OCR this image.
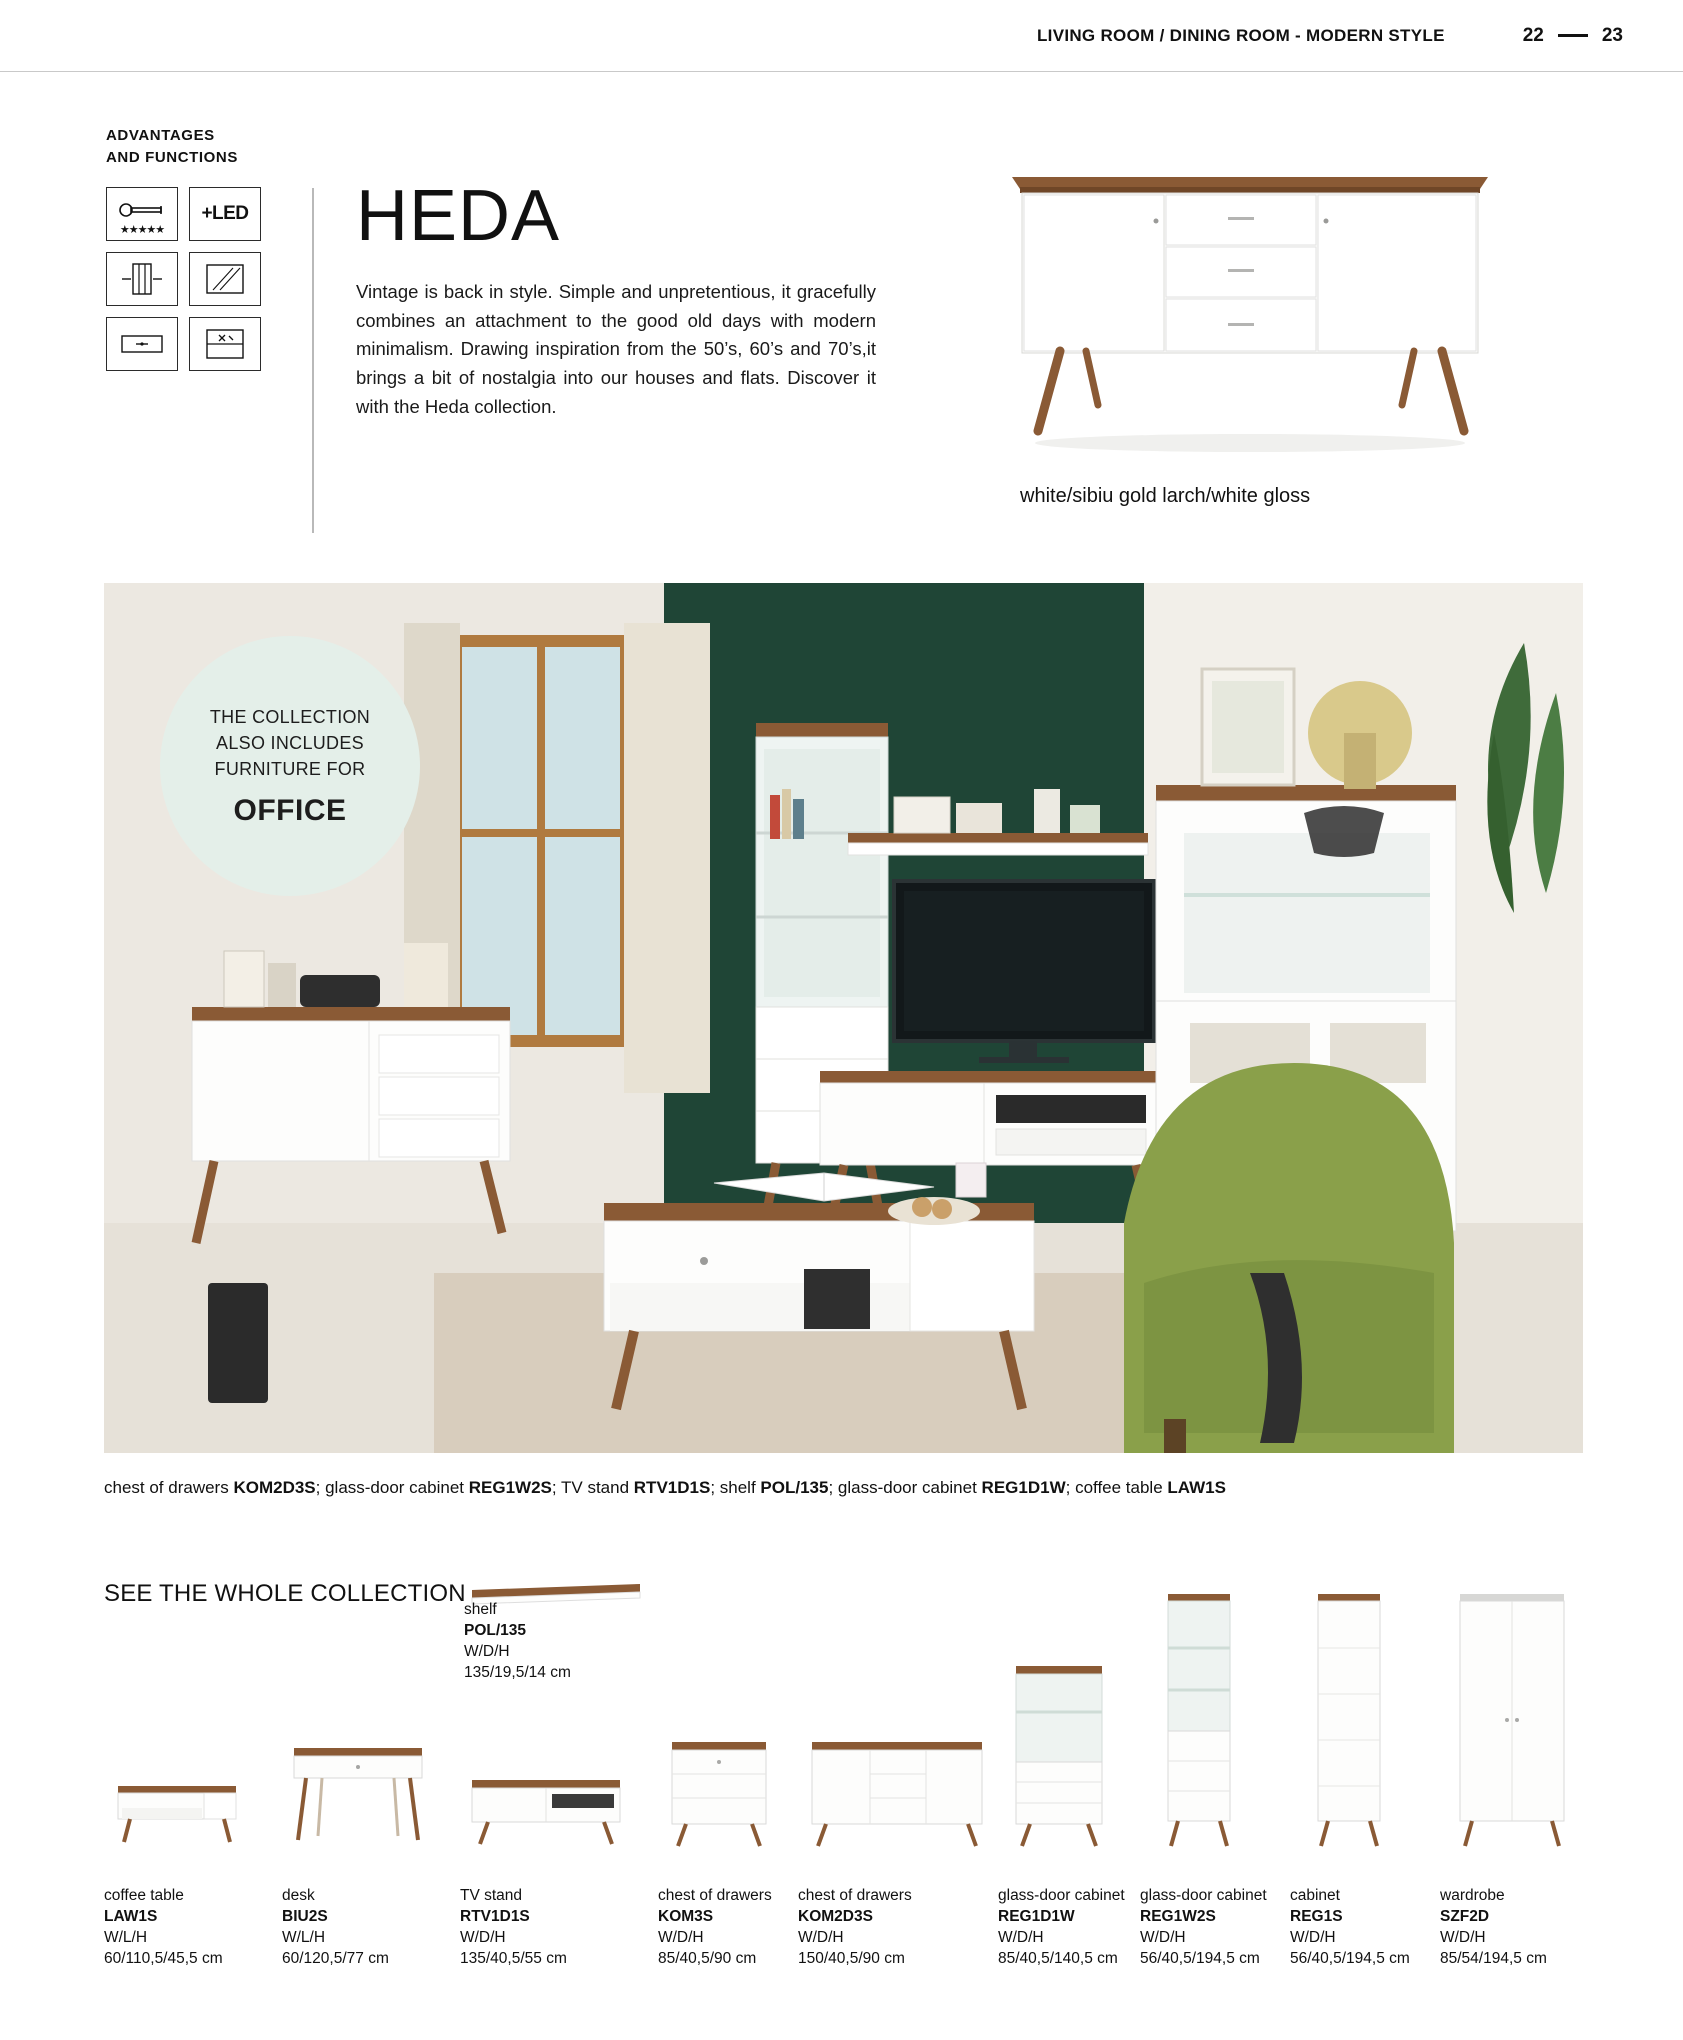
LIVING ROOM / DINING ROOM - MODERN STYLE	22	23
ADVANTAGES
AND FUNCTIONS
★★★★★
+LED HEDA
Vintage is back in style. Simple and unpretentious, it gracefully combines an attachment to the good old days with modern minimalism. Drawing inspiration from the 50’s, 60’s and 70’s,it brings a bit of nostalgia into our houses and flats. Discover it with the Heda collection.
white/sibiu gold larch/white gloss
THE COLLECTION
ALSO INCLUDES
FURNITURE FOR
OFFICE
chest of drawers KOM2D3S; glass-door cabinet REG1W2S; TV stand RTV1D1S; shelf POL/135; glass-door cabinet REG1D1W; coffee table LAW1S
SEE THE WHOLE COLLECTION
coffee table
LAW1S
W/L/H
60/110,5/45,5 cm
desk
BIU2S
W/L/H
60/120,5/77 cm
TV stand
RTV1D1S
W/D/H
135/40,5/55 cm
chest of drawers
KOM3S
W/D/H
85/40,5/90 cm
chest of drawers
KOM2D3S
W/D/H
150/40,5/90 cm
glass-door cabinet
REG1D1W
W/D/H
85/40,5/140,5 cm
glass-door cabinet
REG1W2S
W/D/H
56/40,5/194,5 cm
cabinet
REG1S
W/D/H
56/40,5/194,5 cm
wardrobe
SZF2D
W/D/H
85/54/194,5 cm
shelf
POL/135
W/D/H
135/19,5/14 cm
